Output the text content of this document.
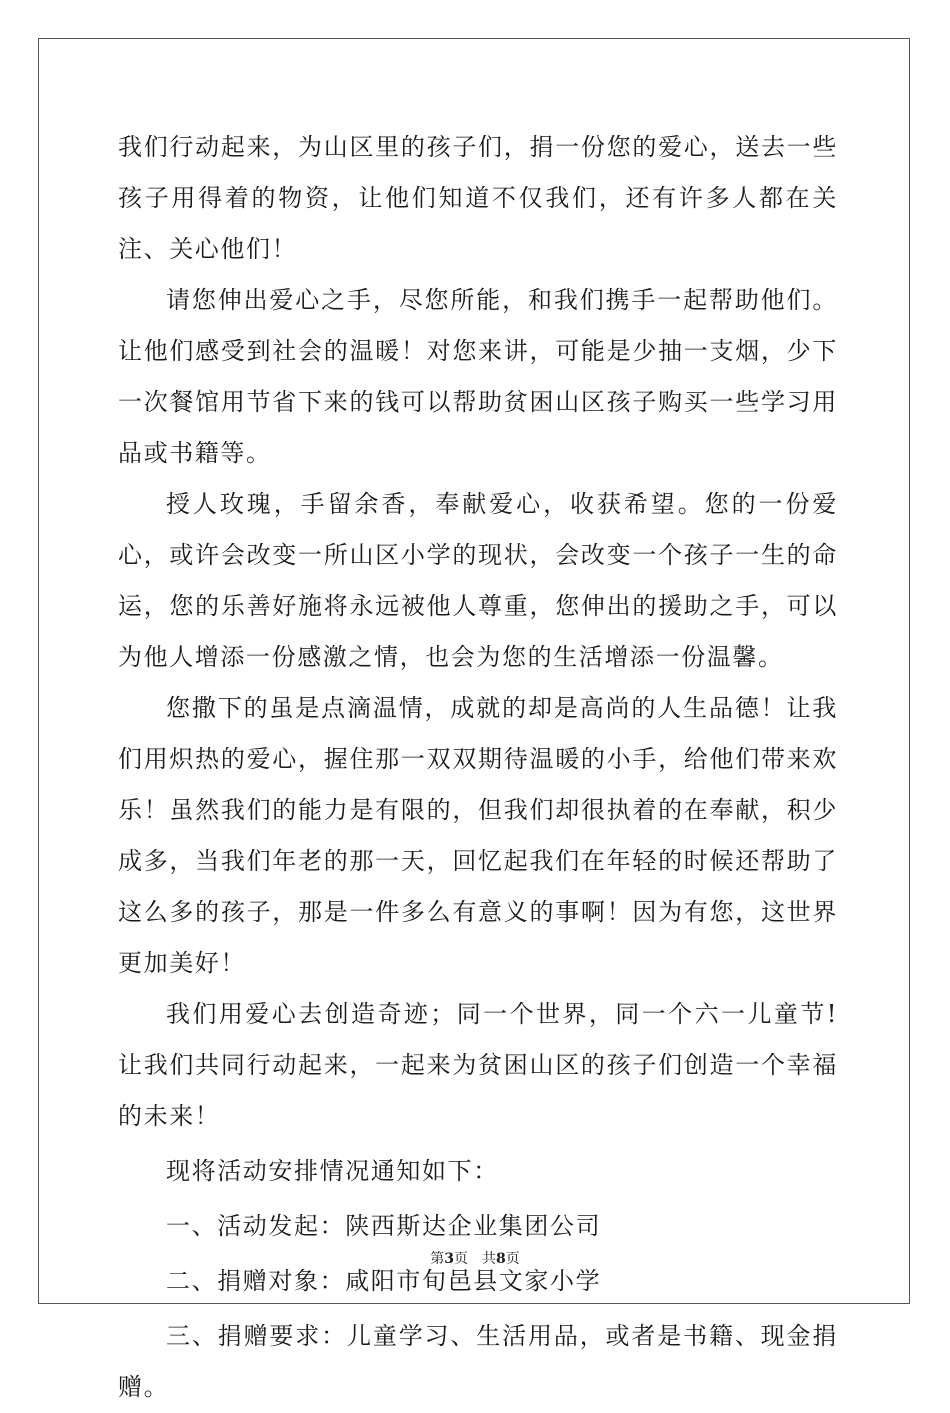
我们行动起来，为山区里的孩子们，捐一份您的爱心，送去一些孩子用得着的物资，让他们知道不仅我们，还有许多人都在关注、关心他们！

请您伸出爱心之手，尽您所能，和我们携手一起帮助他们。让他们感受到社会的温暖！对您来讲，可能是少抽一支烟，少下一次餐馆用节省下来的钱可以帮助贫困山区孩子购买一些学习用品或书籍等。

授人玫瑰，手留余香，奉献爱心，收获希望。您的一份爱心，或许会改变一所山区小学的现状，会改变一个孩子一生的命运，您的乐善好施将永远被他人尊重，您伸出的援助之手，可以为他人增添一份感激之情，也会为您的生活增添一份温馨。

您撒下的虽是点滴温情，成就的却是高尚的人生品德！让我们用炽热的爱心，握住那一双双期待温暖的小手，给他们带来欢乐！虽然我们的能力是有限的，但我们却很执着的在奉献，积少成多，当我们年老的那一天，回忆起我们在年轻的时候还帮助了这么多的孩子，那是一件多么有意义的事啊！因为有您，这世界更加美好！

我们用爱心去创造奇迹；同一个世界，同一个六一儿童节!让我们共同行动起来，一起来为贫困山区的孩子们创造一个幸福的未来！

现将活动安排情况通知如下：

一、活动发起：陕西斯达企业集团公司

二、捐赠对象：咸阳市旬邑县文家小学

三、捐赠要求：儿童学习、生活用品，或者是书籍、现金捐赠。

第3页 共8页
